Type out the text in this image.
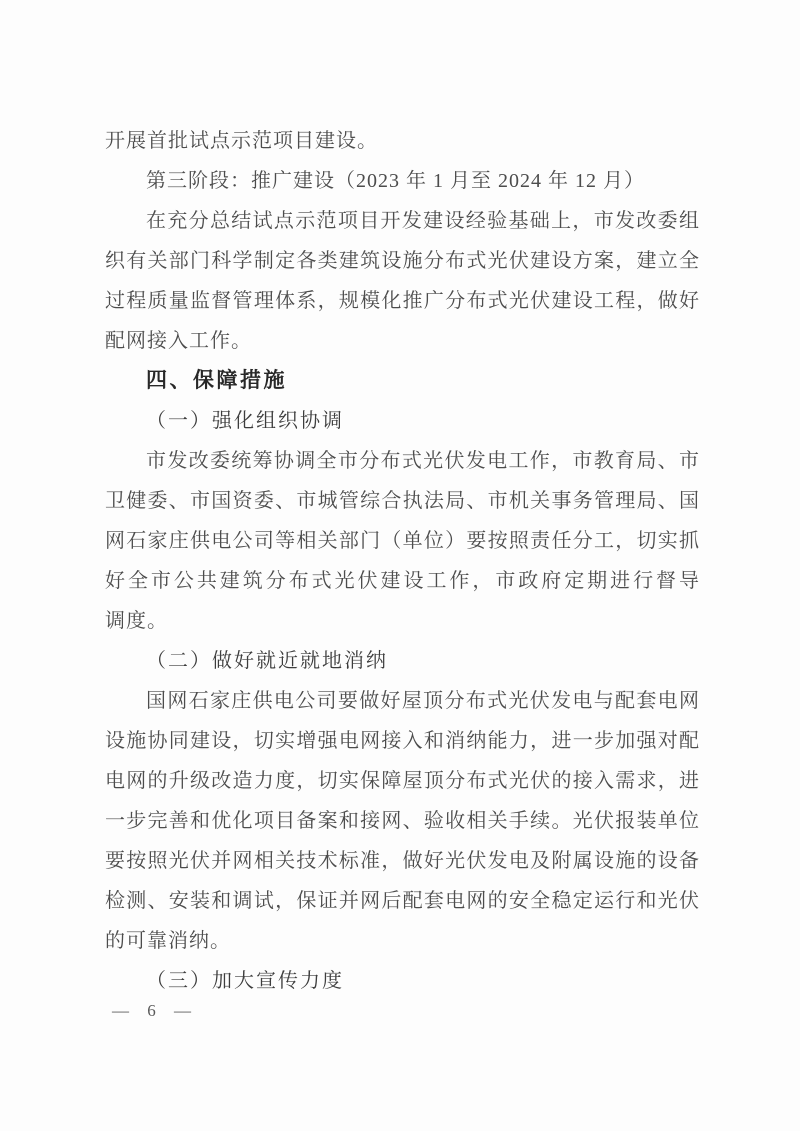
开展首批试点示范项目建设。
第三阶段：推广建设（2023 年 1 月至 2024 年 12 月）
在充分总结试点示范项目开发建设经验基础上，市发改委组
织有关部门科学制定各类建筑设施分布式光伏建设方案，建立全
过程质量监督管理体系，规模化推广分布式光伏建设工程，做好
配网接入工作。
四、保障措施
（一）强化组织协调
市发改委统筹协调全市分布式光伏发电工作，市教育局、市
卫健委、市国资委、市城管综合执法局、市机关事务管理局、国
网石家庄供电公司等相关部门（单位）要按照责任分工，切实抓
好全市公共建筑分布式光伏建设工作，市政府定期进行督导
调度。
（二）做好就近就地消纳
国网石家庄供电公司要做好屋顶分布式光伏发电与配套电网
设施协同建设，切实增强电网接入和消纳能力，进一步加强对配
电网的升级改造力度，切实保障屋顶分布式光伏的接入需求，进
一步完善和优化项目备案和接网、验收相关手续。光伏报装单位
要按照光伏并网相关技术标准，做好光伏发电及附属设施的设备
检测、安装和调试，保证并网后配套电网的安全稳定运行和光伏
的可靠消纳。
（三）加大宣传力度
— 6 —
